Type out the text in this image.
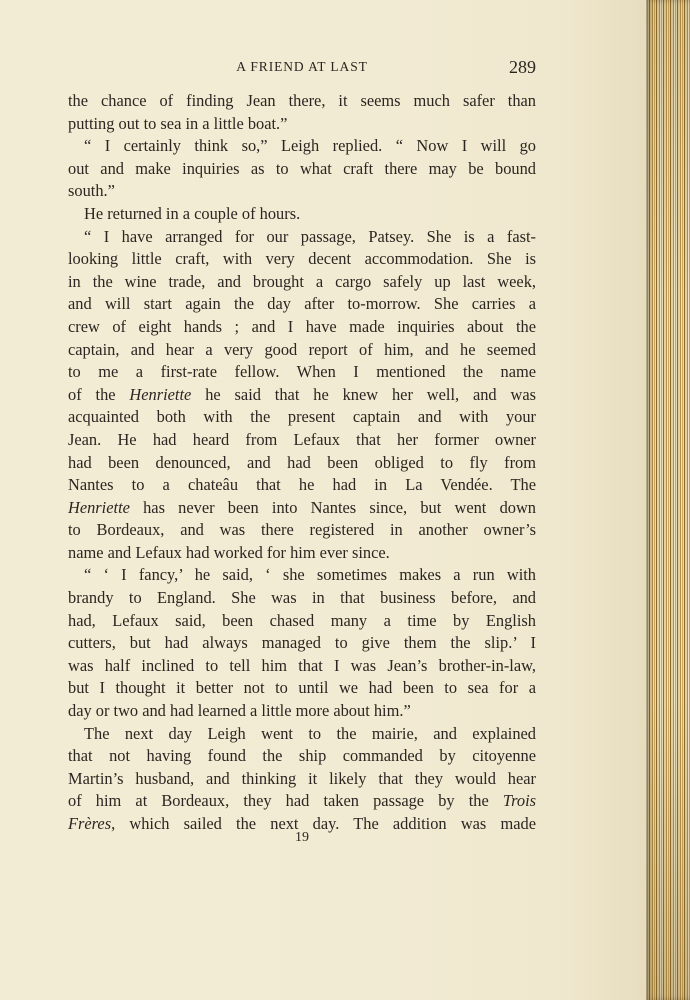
A FRIEND AT LAST	289
the chance of finding Jean there, it seems much safer than
putting out to sea in a little boat.”
“ I certainly think so,” Leigh replied. “ Now I will go
out and make inquiries as to what craft there may be bound
south.”
He returned in a couple of hours.
“ I have arranged for our passage, Patsey. She is a fast-
looking little craft, with very decent accommodation. She is
in the wine trade, and brought a cargo safely up last week,
and will start again the day after to-morrow. She carries a
crew of eight hands ; and I have made inquiries about the
captain, and hear a very good report of him, and he seemed
to me a first-rate fellow. When I mentioned the name
of the Henriette he said that he knew her well, and was
acquainted both with the present captain and with your
Jean. He had heard from Lefaux that her former owner
had been denounced, and had been obliged to fly from
Nantes to a chateâu that he had in La Vendée. The
Henriette has never been into Nantes since, but went down
to Bordeaux, and was there registered in another owner’s
name and Lefaux had worked for him ever since.
“ ‘ I fancy,’ he said, ‘ she sometimes makes a run with
brandy to England. She was in that business before, and
had, Lefaux said, been chased many a time by English
cutters, but had always managed to give them the slip.’ I
was half inclined to tell him that I was Jean’s brother-in-law,
but I thought it better not to until we had been to sea for a
day or two and had learned a little more about him.”
The next day Leigh went to the mairie, and explained
that not having found the ship commanded by citoyenne
Martin’s husband, and thinking it likely that they would hear
of him at Bordeaux, they had taken passage by the Trois
Frères, which sailed the next day. The addition was made
19
